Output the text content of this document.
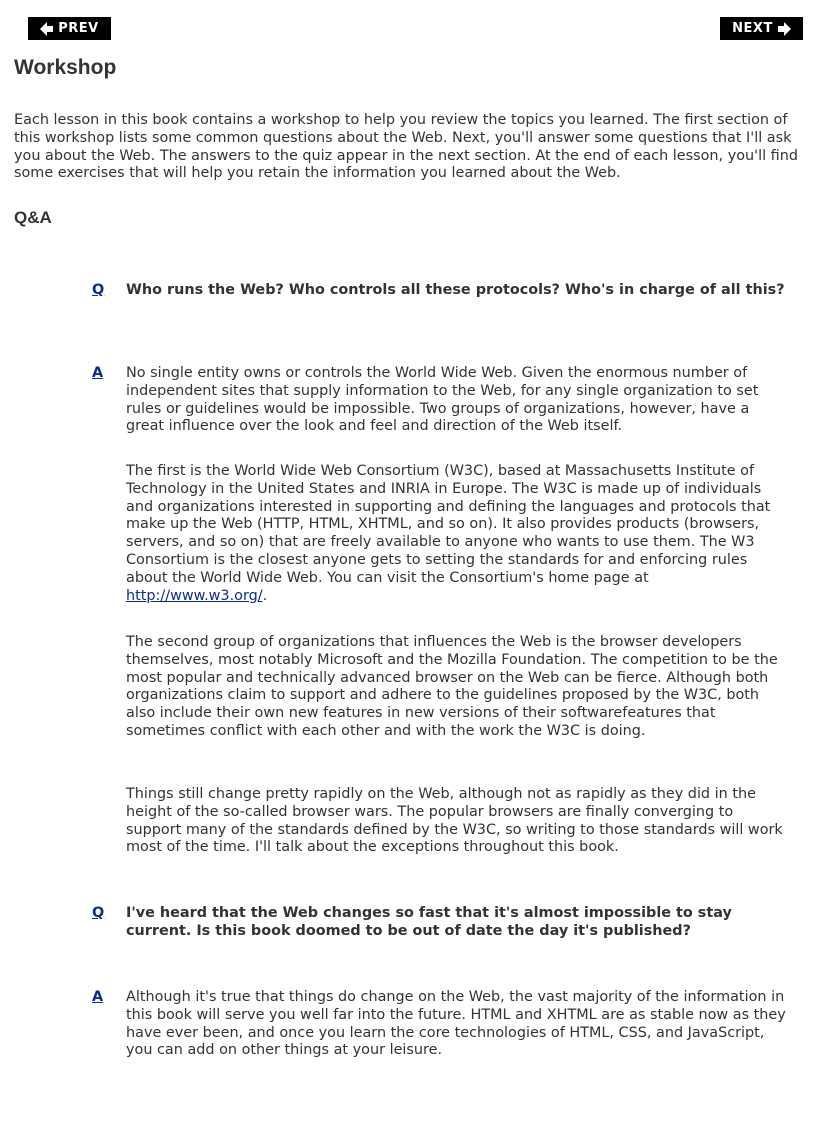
PREV	NEXT
Workshop

Each lesson in this book contains a workshop to help you review the topics you learned. The first section of this workshop lists some common questions about the Web. Next, you'll answer some questions that I'll ask you about the Web. The answers to the quiz appear in the next section. At the end of each lesson, you'll find some exercises that will help you retain the information you learned about the Web.

Q&A
Q Who runs the Web? Who controls all these protocols? Who's in charge of all this?

A No single entity owns or controls the World Wide Web. Given the enormous number of independent sites that supply information to the Web, for any single organization to set rules or guidelines would be impossible. Two groups of organizations, however, have a great influence over the look and feel and direction of the Web itself.

The first is the World Wide Web Consortium (W3C), based at Massachusetts Institute of Technology in the United States and INRIA in Europe. The W3C is made up of individuals and organizations interested in supporting and defining the languages and protocols that make up the Web (HTTP, HTML, XHTML, and so on). It also provides products (browsers, servers, and so on) that are freely available to anyone who wants to use them. The W3 Consortium is the closest anyone gets to setting the standards for and enforcing rules about the World Wide Web. You can visit the Consortium's home page at http://www.w3.org/.

The second group of organizations that influences the Web is the browser developers themselves, most notably Microsoft and the Mozilla Foundation. The competition to be the most popular and technically advanced browser on the Web can be fierce. Although both organizations claim to support and adhere to the guidelines proposed by the W3C, both also include their own new features in new versions of their softwarefeatures that sometimes conflict with each other and with the work the W3C is doing.

Things still change pretty rapidly on the Web, although not as rapidly as they did in the height of the so-called browser wars. The popular browsers are finally converging to support many of the standards defined by the W3C, so writing to those standards will work most of the time. I'll talk about the exceptions throughout this book.

Q I've heard that the Web changes so fast that it's almost impossible to stay current. Is this book doomed to be out of date the day it's published?

A Although it's true that things do change on the Web, the vast majority of the information in this book will serve you well far into the future. HTML and XHTML are as stable now as they have ever been, and once you learn the core technologies of HTML, CSS, and JavaScript, you can add on other things at your leisure.
